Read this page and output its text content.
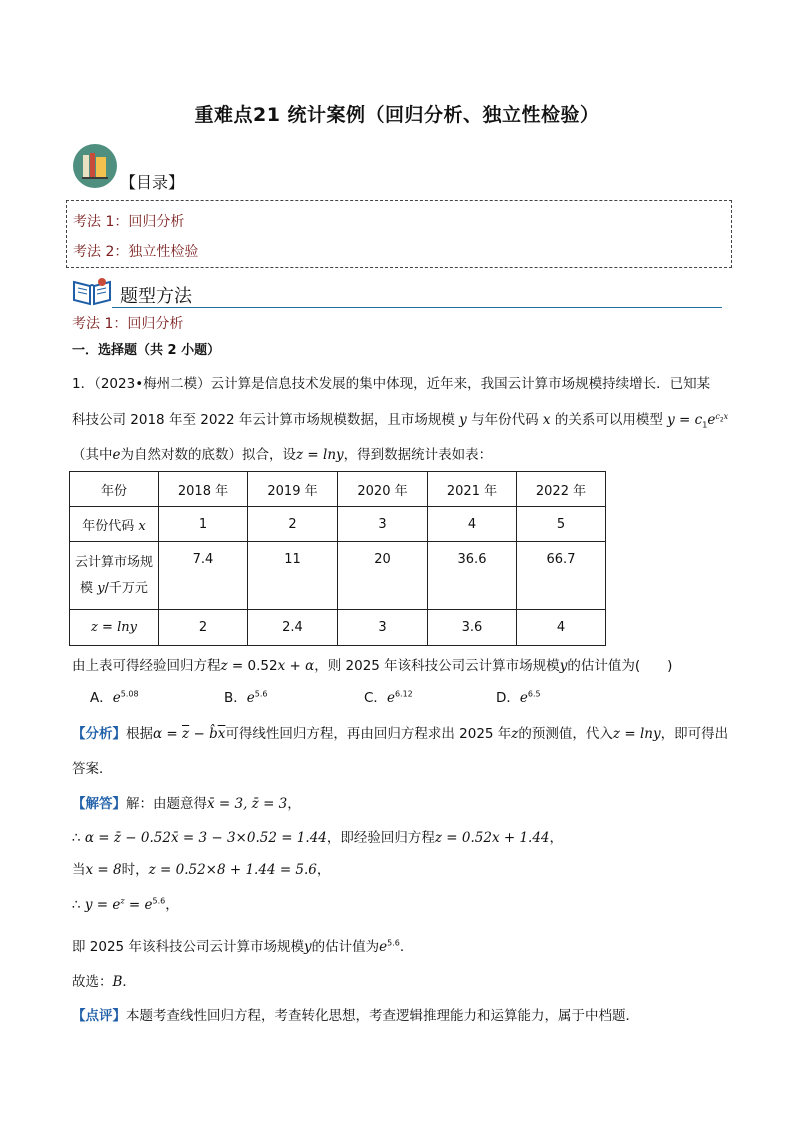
重难点21 统计案例（回归分析、独立性检验）
【目录】
考法 1：回归分析
考法 2：独立性检验
题型方法
考法 1：回归分析
一．选择题（共 2 小题）
1．（2023•梅州二模）云计算是信息技术发展的集中体现，近年来，我国云计算市场规模持续增长．已知某
科技公司 2018 年至 2022 年云计算市场规模数据，且市场规模 y 与年份代码 x 的关系可以用模型 $y = c_1e^{c_2x}$
（其中e为自然对数的底数）拟合，设z = lny，得到数据统计表如表：
年份	2018 年	2019 年	2020 年	2021 年	2022 年
年份代码 x	1	2	3	4	5
云计算市场规
模 y/千万元	7.4	11	20	36.6	66.7
z = lny	2	2.4	3	3.6	4
由上表可得经验回归方程z = 0.52x + α，则 2025 年该科技公司云计算市场规模y的估计值为(　　)
A．$e^{5.08}$	B．$e^{5.6}$	C．$e^{6.12}$	D．$e^{6.5}$
【分析】根据$\alpha = \overline{z}$ − $b̂\overline{x}$可得线性回归方程，再由回归方程求出 2025 年z的预测值，代入z = lny，即可得出
答案．
【解答】解：由题意得x̄ = 3, z̄ = 3，
∴ α = z̄ − 0.52x̄ = 3 − 3×0.52 = 1.44，即经验回归方程z = 0.52x + 1.44，
当x = 8时，z = 0.52×8 + 1.44 = 5.6，
∴ $y = e^z = e^{5.6}$，
即 2025 年该科技公司云计算市场规模y的估计值为$e^{5.6}$．
故选：B．
【点评】本题考查线性回归方程，考查转化思想，考查逻辑推理能力和运算能力，属于中档题．
